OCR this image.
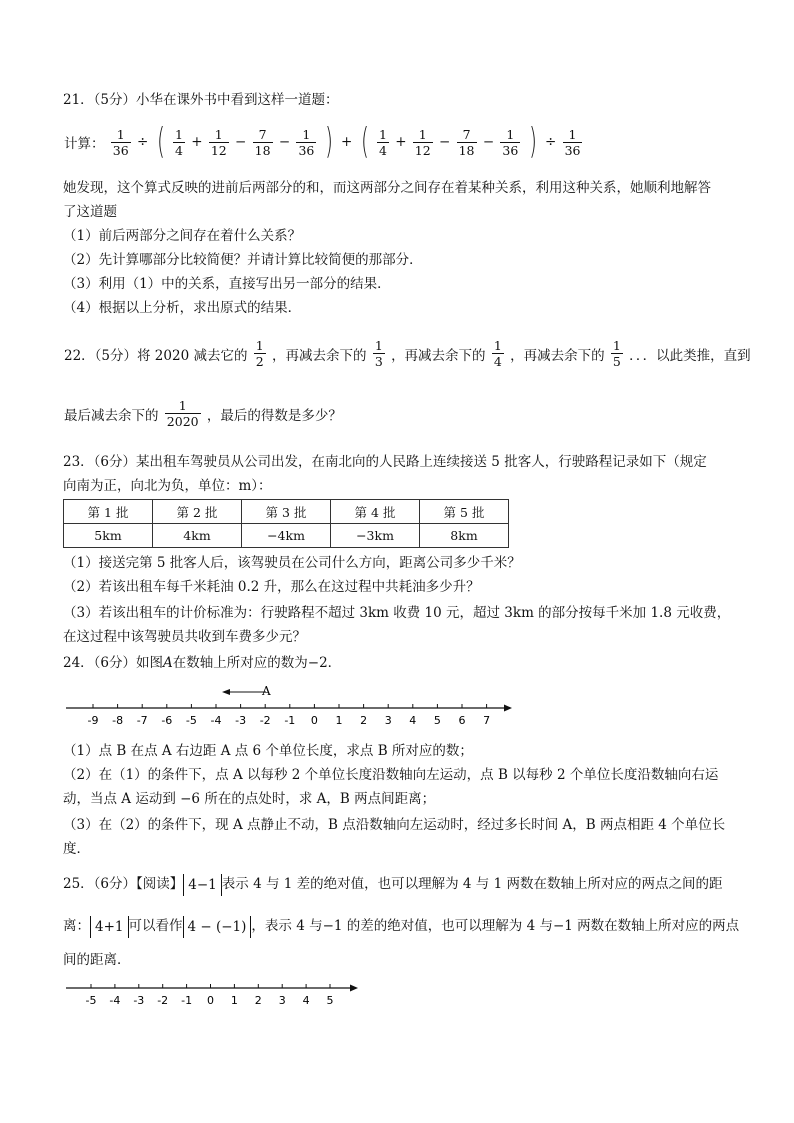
21．（5分）小华在课外书中看到这样一道题：
计算： $\frac{1}{36}$ ÷ ( $\frac{1}{4} + \frac{1}{12} - \frac{7}{18} - \frac{1}{36}$ ) + ( $\frac{1}{4} + \frac{1}{12} - \frac{7}{18} - \frac{1}{36}$ ) ÷ $\frac{1}{36}$
她发现，这个算式反映的进前后两部分的和，而这两部分之间存在着某种关系，利用这种关系，她顺利地解答
了这道题
（1）前后两部分之间存在着什么关系？
（2）先计算哪部分比较简便？并请计算比较简便的那部分．
（3）利用（1）中的关系，直接写出另一部分的结果．
（4）根据以上分析，求出原式的结果．
22．（5分）将 2020 减去它的 $\frac{1}{2}$ ，再减去余下的 $\frac{1}{3}$ ，再减去余下的 $\frac{1}{4}$ ，再减去余下的 $\frac{1}{5}$ ．．．以此类推，直到
最后减去余下的 $\frac{1}{2020}$ ，最后的得数是多少？
23．（6分）某出租车驾驶员从公司出发，在南北向的人民路上连续接送 5 批客人，行驶路程记录如下（规定
向南为正，向北为负，单位：m）：
第 1 批	第 2 批	第 3 批	第 4 批	第 5 批
5km	4km	−4km	−3km	8km
（1）接送完第 5 批客人后，该驾驶员在公司什么方向，距离公司多少千米？
（2）若该出租车每千米耗油 0.2 升，那么在这过程中共耗油多少升？
（3）若该出租车的计价标准为：行驶路程不超过 3km 收费 10 元，超过 3km 的部分按每千米加 1.8 元收费，
在这过程中该驾驶员共收到车费多少元？
24．（6分）如图A在数轴上所对应的数为−2．
A
-9 -8 -7 -6 -5 -4 -3 -2 -1 0 1 2 3 4 5 6 7
（1）点 B 在点 A 右边距 A 点 6 个单位长度，求点 B 所对应的数；
（2）在（1）的条件下，点 A 以每秒 2 个单位长度沿数轴向左运动，点 B 以每秒 2 个单位长度沿数轴向右运
动，当点 A 运动到 −6 所在的点处时，求 A，B 两点间距离；
（3）在（2）的条件下，现 A 点静止不动，B 点沿数轴向左运动时，经过多长时间 A，B 两点相距 4 个单位长
度．
25．（6分）【阅读】 4−1 表示 4 与 1 差的绝对值，也可以理解为 4 与 1 两数在数轴上所对应的两点之间的距
离： 4+1 可以看作 4 − (−1) ，表示 4 与−1 的差的绝对值，也可以理解为 4 与−1 两数在数轴上所对应的两点
间的距离．
-5 -4 -3 -2 -1 0 1 2 3 4 5
